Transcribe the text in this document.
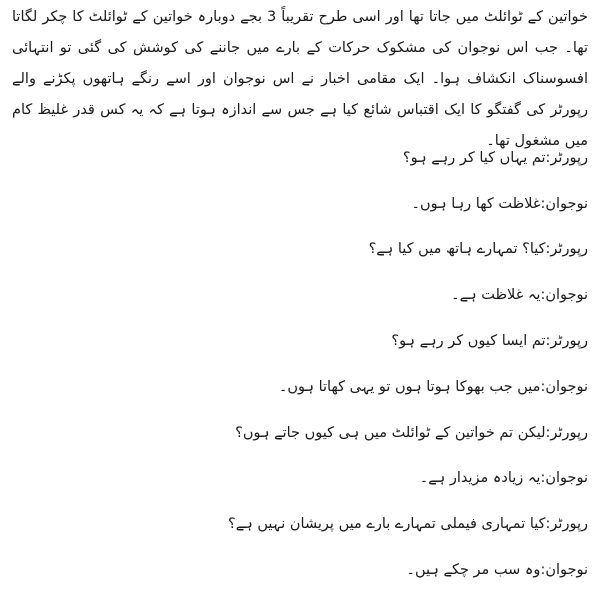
خواتین کے ٹوائلٹ میں جاتا تھا اور اسی طرح تقریباً 3 بجے دوبارہ خواتین کے ٹوائلٹ کا چکر لگاتا تھا۔ جب اس نوجوان کی مشکوک حرکات کے بارے میں جاننے کی کوشش کی گئی تو انتہائی افسوسناک انکشاف ہوا۔ ایک مقامی اخبار نے اس نوجوان اور اسے رنگے ہاتھوں پکڑنے والے رپورٹر کی گفتگو کا ایک اقتباس شائع کیا ہے جس سے اندازہ ہوتا ہے کہ یہ کس قدر غلیظ کام میں مشغول تھا۔

رپورٹر :
تم یہاں کیا کر رہے ہو؟
نوجوان :
غلاظت کھا رہا ہوں۔
رپورٹر :
کیا؟ تمہارے ہاتھ میں کیا ہے؟
نوجوان :
یہ غلاظت ہے۔
رپورٹر :
تم ایسا کیوں کر رہے ہو؟
نوجوان :
میں جب بھوکا ہوتا ہوں تو یہی کھاتا ہوں۔
رپورٹر :
لیکن تم خواتین کے ٹوائلٹ میں ہی کیوں جاتے ہوں؟
نوجوان :
یہ زیادہ مزیدار ہے۔
رپورٹر :
کیا تمہاری فیملی تمہارے بارے میں پریشان نہیں ہے؟
نوجوان :
وہ سب مر چکے ہیں۔
